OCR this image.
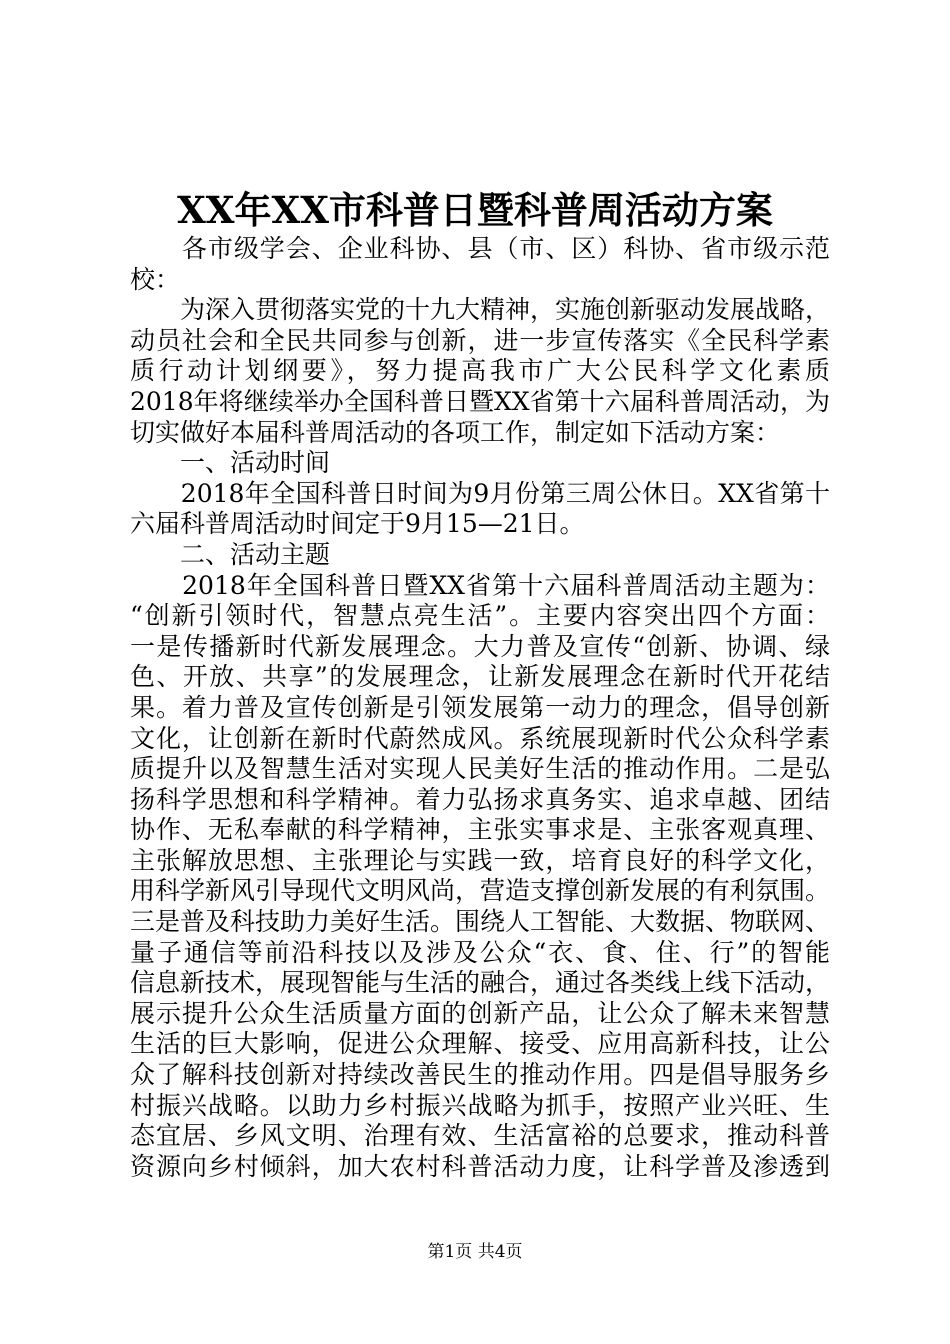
XX年XX市科普日暨科普周活动方案
　　各市级学会、企业科协、县（市、区）科协、省市级示范
校：
　　为深入贯彻落实党的十九大精神，实施创新驱动发展战略，
动员社会和全民共同参与创新，进一步宣传落实《全民科学素
质行动计划纲要》，努力提高我市广大公民科学文化素质
2018年将继续举办全国科普日暨XX省第十六届科普周活动，为
切实做好本届科普周活动的各项工作，制定如下活动方案：
　　一、活动时间
　　2018年全国科普日时间为9月份第三周公休日。XX省第十
六届科普周活动时间定于9月15—21日。
　　二、活动主题
　　2018年全国科普日暨XX省第十六届科普周活动主题为：
“创新引领时代，智慧点亮生活”。主要内容突出四个方面：
一是传播新时代新发展理念。大力普及宣传“创新、协调、绿
色、开放、共享”的发展理念，让新发展理念在新时代开花结
果。着力普及宣传创新是引领发展第一动力的理念，倡导创新
文化，让创新在新时代蔚然成风。系统展现新时代公众科学素
质提升以及智慧生活对实现人民美好生活的推动作用。二是弘
扬科学思想和科学精神。着力弘扬求真务实、追求卓越、团结
协作、无私奉献的科学精神，主张实事求是、主张客观真理、
主张解放思想、主张理论与实践一致，培育良好的科学文化，
用科学新风引导现代文明风尚，营造支撑创新发展的有利氛围。
三是普及科技助力美好生活。围绕人工智能、大数据、物联网、
量子通信等前沿科技以及涉及公众“衣、食、住、行”的智能
信息新技术，展现智能与生活的融合，通过各类线上线下活动，
展示提升公众生活质量方面的创新产品，让公众了解未来智慧
生活的巨大影响，促进公众理解、接受、应用高新科技，让公
众了解科技创新对持续改善民生的推动作用。四是倡导服务乡
村振兴战略。以助力乡村振兴战略为抓手，按照产业兴旺、生
态宜居、乡风文明、治理有效、生活富裕的总要求，推动科普
资源向乡村倾斜，加大农村科普活动力度，让科学普及渗透到
第1页 共4页
